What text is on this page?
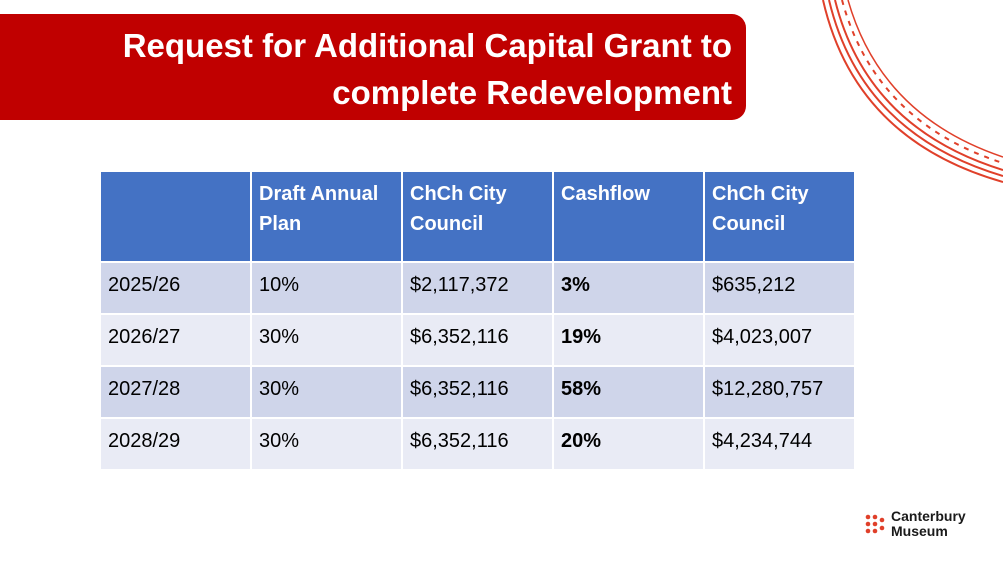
Request for Additional Capital Grant to
complete Redevelopment
	Draft Annual Plan	ChCh City Council	Cashflow	ChCh City Council
2025/26	10%	$2,117,372	3%	$635,212
2026/27	30%	$6,352,116	19%	$4,023,007
2027/28	30%	$6,352,116	58%	$12,280,757
2028/29	30%	$6,352,116	20%	$4,234,744
Canterbury
Museum
